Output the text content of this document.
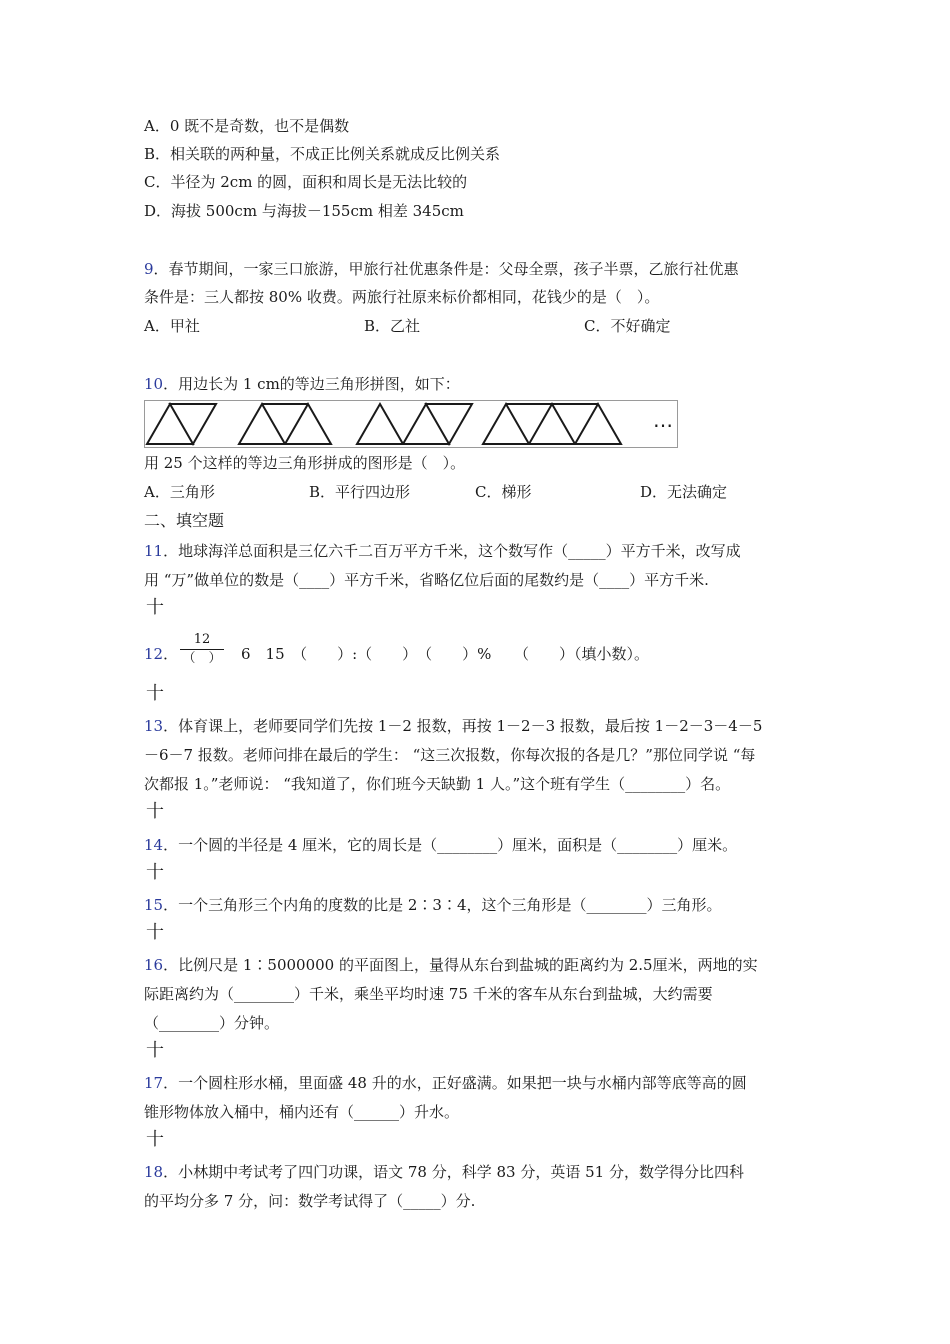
A．0 既不是奇数，也不是偶数
B．相关联的两种量，不成正比例关系就成反比例关系
C．半径为 2cm 的圆，面积和周长是无法比较的
D．海拔 500cm 与海拔－155cm 相差 345cm
9．春节期间，一家三口旅游，甲旅行社优惠条件是：父母全票，孩子半票，乙旅行社优惠
条件是：三人都按 80% 收费。两旅行社原来标价都相同，花钱少的是（　）。
A．甲社	B．乙社	C．不好确定
10．用边长为 1 cm的等边三角形拼图，如下：
…
用 25 个这样的等边三角形拼成的图形是（　）。
A．三角形	B．平行四边形	C．梯形	D．无法确定
二、填空题
11．地球海洋总面积是三亿六千二百万平方千米，这个数写作（_____）平方千米，改写成
用 “万”做单位的数是（____）平方千米，省略亿位后面的尾数约是（____）平方千米.
十
12．
12
（　） 　6　15　（　　）:（　　）　（　　）%　　（　　）（填小数）。
十
13．体育课上，老师要同学们先按 1－2 报数，再按 1－2－3 报数，最后按 1－2－3－4－5
－6－7 报数。老师问排在最后的学生： “这三次报数，你每次报的各是几？”那位同学说 “每
次都报 1。”老师说： “我知道了，你们班今天缺勤 1 人。”这个班有学生（________）名。
十
14．一个圆的半径是 4 厘米，它的周长是（________）厘米，面积是（________）厘米。
十
15．一个三角形三个内角的度数的比是 2∶3∶4，这个三角形是（________）三角形。
十
16．比例尺是 1∶5000000 的平面图上，量得从东台到盐城的距离约为 2.5厘米，两地的实
际距离约为（________）千米，乘坐平均时速 75 千米的客车从东台到盐城，大约需要
（________）分钟。
十
17．一个圆柱形水桶，里面盛 48 升的水，正好盛满。如果把一块与水桶内部等底等高的圆
锥形物体放入桶中，桶内还有（______）升水。
十
18．小林期中考试考了四门功课，语文 78 分，科学 83 分，英语 51 分，数学得分比四科
的平均分多 7 分，问：数学考试得了（_____）分.
